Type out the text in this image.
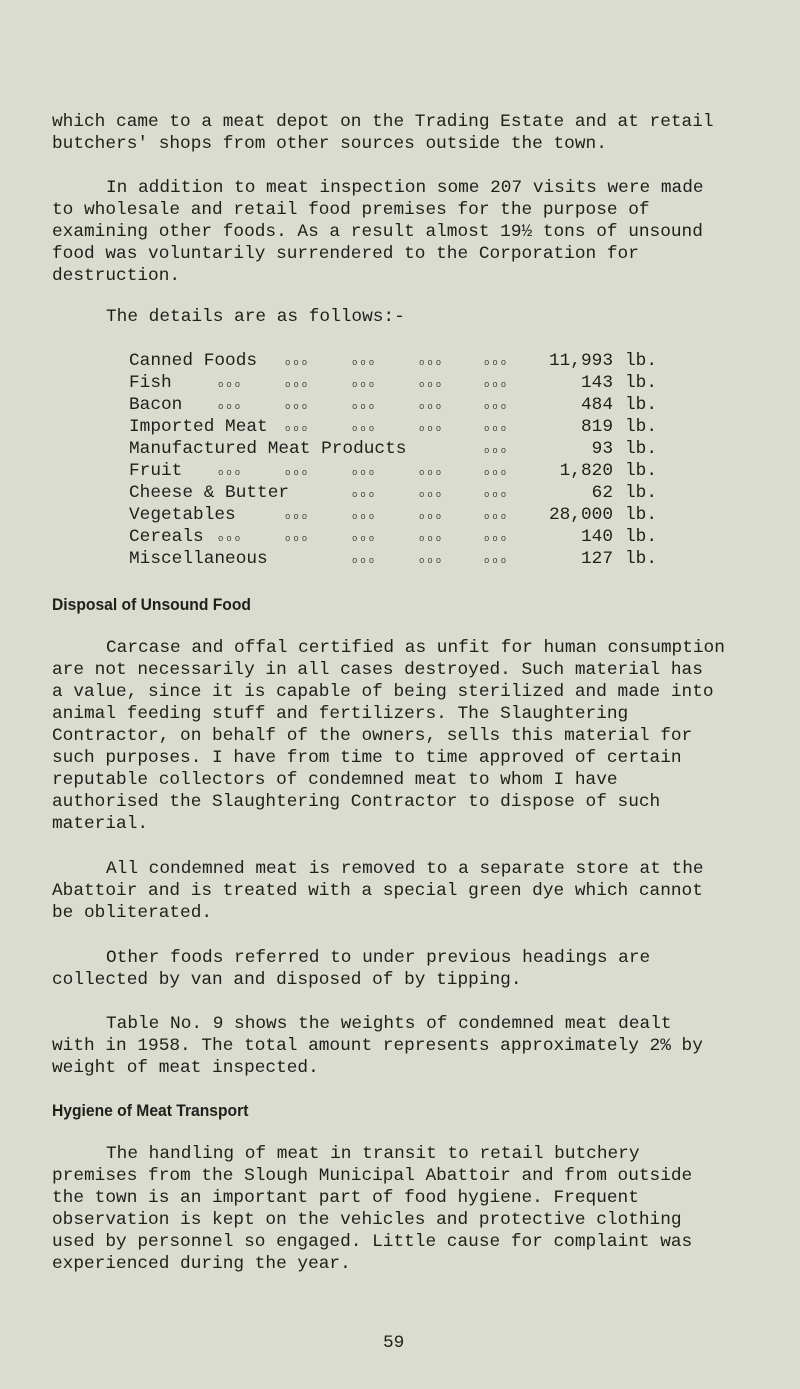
which came to a meat depot on the Trading Estate and at retail
butchers' shops from other sources outside the town.
In addition to meat inspection some 207 visits were made
to wholesale and retail food premises for the purpose of
examining other foods. As a result almost 19½ tons of unsound
food was voluntarily surrendered to the Corporation for
destruction.
The details are as follows:-
Canned Foods	ooo	ooo	ooo	ooo 11,993 lb.
Fish	ooo	ooo	ooo	ooo	ooo	143 lb.
Bacon	ooo	ooo	ooo	ooo	ooo	484 lb.
Imported Meat ooo	ooo	ooo	ooo	819 lb.
Manufactured Meat Products	ooo	93 lb.
Fruit	ooo	ooo	ooo	ooo	ooo	1,820 lb.
Cheese & Butter	ooo	ooo	ooo	62 lb.
Vegetables	ooo	ooo	ooo	ooo 28,000 lb.
Cereals ooo	ooo	ooo	ooo	ooo	140 lb.
Miscellaneous	ooo	ooo	ooo	127 lb.
Disposal of Unsound Food
Carcase and offal certified as unfit for human consumption
are not necessarily in all cases destroyed. Such material has
a value, since it is capable of being sterilized and made into
animal feeding stuff and fertilizers. The Slaughtering
Contractor, on behalf of the owners, sells this material for
such purposes. I have from time to time approved of certain
reputable collectors of condemned meat to whom I have
authorised the Slaughtering Contractor to dispose of such
material.
All condemned meat is removed to a separate store at the
Abattoir and is treated with a special green dye which cannot
be obliterated.
Other foods referred to under previous headings are
collected by van and disposed of by tipping.
Table No. 9 shows the weights of condemned meat dealt
with in 1958. The total amount represents approximately 2% by
weight of meat inspected.
Hygiene of Meat Transport
The handling of meat in transit to retail butchery
premises from the Slough Municipal Abattoir and from outside
the town is an important part of food hygiene. Frequent
observation is kept on the vehicles and protective clothing
used by personnel so engaged. Little cause for complaint was
experienced during the year.
59
